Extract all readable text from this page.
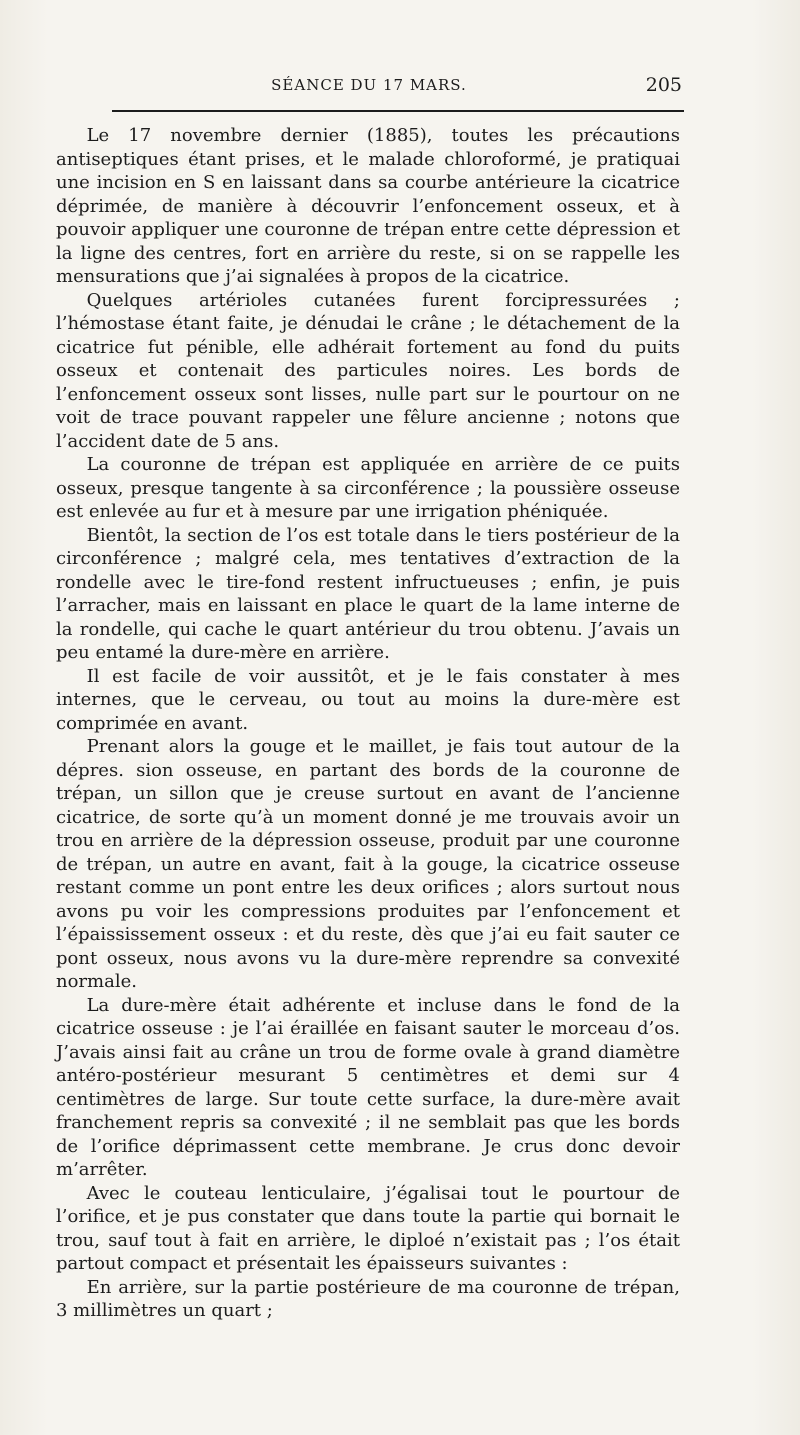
SÉANCE DU 17 MARS.	205

Le 17 novembre dernier (1885), toutes les précautions antiseptiques étant prises, et le malade chloroformé, je pratiquai une incision en S en laissant dans sa courbe antérieure la cicatrice déprimée, de manière à découvrir l’enfoncement osseux, et à pouvoir appliquer une couronne de trépan entre cette dépression et la ligne des centres, fort en arrière du reste, si on se rappelle les mensurations que j’ai signalées à propos de la cicatrice.

Quelques artérioles cutanées furent forcipressurées ; l’hémostase étant faite, je dénudai le crâne ; le détachement de la cicatrice fut pénible, elle adhérait fortement au fond du puits osseux et contenait des particules noires. Les bords de l’enfoncement osseux sont lisses, nulle part sur le pourtour on ne voit de trace pouvant rappeler une fêlure ancienne ; notons que l’accident date de 5 ans.

La couronne de trépan est appliquée en arrière de ce puits osseux, presque tangente à sa circonférence ; la poussière osseuse est enlevée au fur et à mesure par une irrigation phéniquée.

Bientôt, la section de l’os est totale dans le tiers postérieur de la circonférence ; malgré cela, mes tentatives d’extraction de la rondelle avec le tire-fond restent infructueuses ; enfin, je puis l’arracher, mais en laissant en place le quart de la lame interne de la rondelle, qui cache le quart antérieur du trou obtenu. J’avais un peu entamé la dure-mère en arrière.

Il est facile de voir aussitôt, et je le fais constater à mes internes, que le cerveau, ou tout au moins la dure-mère est comprimée en avant.

Prenant alors la gouge et le maillet, je fais tout autour de la dépres. sion osseuse, en partant des bords de la couronne de trépan, un sillon que je creuse surtout en avant de l’ancienne cicatrice, de sorte qu’à un moment donné je me trouvais avoir un trou en arrière de la dépression osseuse, produit par une couronne de trépan, un autre en avant, fait à la gouge, la cicatrice osseuse restant comme un pont entre les deux orifices ; alors surtout nous avons pu voir les compressions produites par l’enfoncement et l’épaississement osseux : et du reste, dès que j’ai eu fait sauter ce pont osseux, nous avons vu la dure-mère reprendre sa convexité normale.

La dure-mère était adhérente et incluse dans le fond de la cicatrice osseuse : je l’ai éraillée en faisant sauter le morceau d’os. J’avais ainsi fait au crâne un trou de forme ovale à grand diamètre antéro-postérieur mesurant 5 centimètres et demi sur 4 centimètres de large. Sur toute cette surface, la dure-mère avait franchement repris sa convexité ; il ne semblait pas que les bords de l’orifice déprimassent cette membrane. Je crus donc devoir m’arrêter.

Avec le couteau lenticulaire, j’égalisai tout le pourtour de l’orifice, et je pus constater que dans toute la partie qui bornait le trou, sauf tout à fait en arrière, le diploé n’existait pas ; l’os était partout compact et présentait les épaisseurs suivantes :

En arrière, sur la partie postérieure de ma couronne de trépan, 3 millimètres un quart ;
